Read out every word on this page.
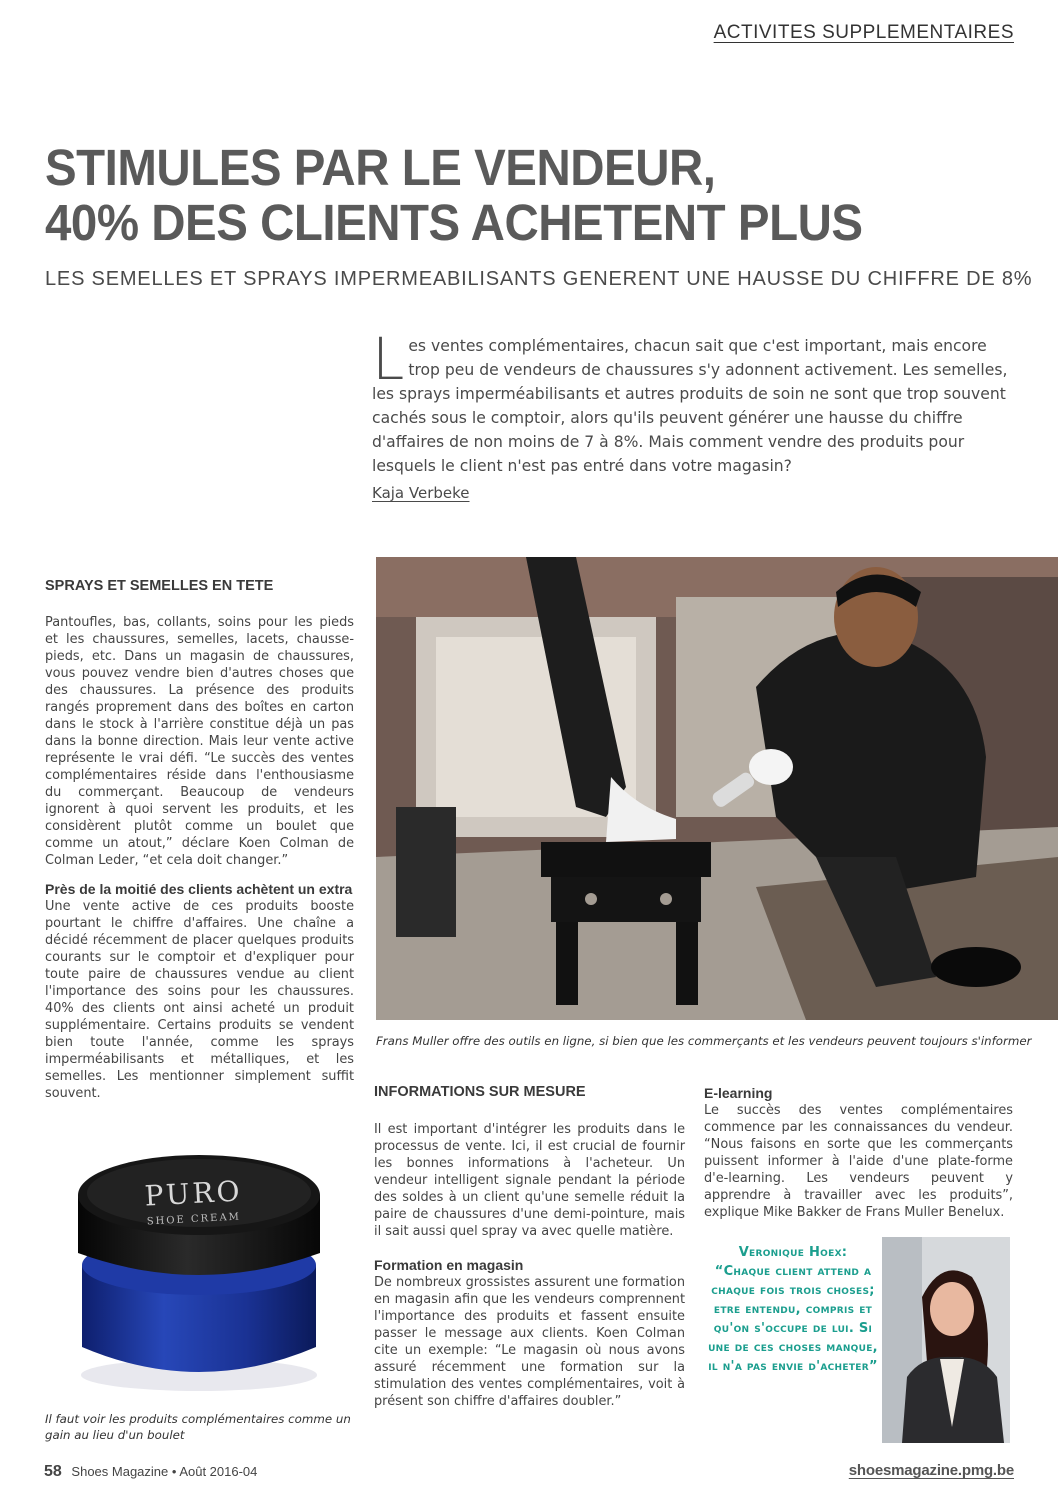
ACTIVITES SUPPLEMENTAIRES
STIMULES PAR LE VENDEUR,
40% DES CLIENTS ACHETENT PLUS
LES SEMELLES ET SPRAYS IMPERMEABILISANTS GENERENT UNE HAUSSE DU CHIFFRE DE 8%
L es ventes complémentaires, chacun sait que c'est important, mais encore trop peu de vendeurs de chaussures s'y adonnent activement. Les semelles, les sprays imperméabilisants et autres produits de soin ne sont que trop souvent cachés sous le comptoir, alors qu'ils peuvent générer une hausse du chiffre d'affaires de non moins de 7 à 8%. Mais comment vendre des produits pour lesquels le client n'est pas entré dans votre magasin?
Kaja Verbeke
SPRAYS ET SEMELLES EN TETE

Pantoufles, bas, collants, soins pour les pieds et les chaussures, semelles, lacets, chausse-pieds, etc. Dans un magasin de chaussures, vous pouvez vendre bien d'autres choses que des chaussures. La présence des produits rangés proprement dans des boîtes en carton dans le stock à l'arrière constitue déjà un pas dans la bonne direction. Mais leur vente active représente le vrai défi. “Le succès des ventes complémentaires réside dans l'enthousiasme du commerçant. Beaucoup de vendeurs ignorent à quoi servent les produits, et les considèrent plutôt comme un boulet que comme un atout,” déclare Koen Colman de Colman Leder, “et cela doit changer.”

Près de la moitié des clients achètent un extra

Une vente active de ces produits booste pourtant le chiffre d'affaires. Une chaîne a décidé récemment de placer quelques produits courants sur le comptoir et d'expliquer pour toute paire de chaussures vendue au client l'importance des soins pour les chaussures. 40% des clients ont ainsi acheté un produit supplémentaire. Certains produits se vendent bien toute l'année, comme les sprays imperméabilisants et métalliques, et les semelles. Les mentionner simplement suffit souvent.

PURO
SHOE CREAM
Il faut voir les produits complémentaires comme un gain au lieu d'un boulet
Frans Muller offre des outils en ligne, si bien que les commerçants et les vendeurs peuvent toujours s'informer
INFORMATIONS SUR MESURE

Il est important d'intégrer les produits dans le processus de vente. Ici, il est crucial de fournir les bonnes informations à l'acheteur. Un vendeur intelligent signale pendant la période des soldes à un client qu'une semelle réduit la paire de chaussures d'une demi-pointure, mais il sait aussi quel spray va avec quelle matière.

Formation en magasin

De nombreux grossistes assurent une formation en magasin afin que les vendeurs comprennent l'importance des produits et fassent ensuite passer le message aux clients. Koen Colman cite un exemple: “Le magasin où nous avons assuré récemment une formation sur la stimulation des ventes complémentaires, voit à présent son chiffre d'affaires doubler.”

E-learning

Le succès des ventes complémentaires commence par les connaissances du vendeur. “Nous faisons en sorte que les commerçants puissent informer à l'aide d'une plate-forme d'e-learning. Les vendeurs peuvent y apprendre à travailler avec les produits”, explique Mike Bakker de Frans Muller Benelux.

Veronique Hoex:
“Chaque client attend a chaque fois trois choses; etre entendu, compris et qu'on s'occupe de lui. Si une de ces choses manque, il n'a pas envie d'acheter”
58 Shoes Magazine • Août 2016-04	shoesmagazine.pmg.be
